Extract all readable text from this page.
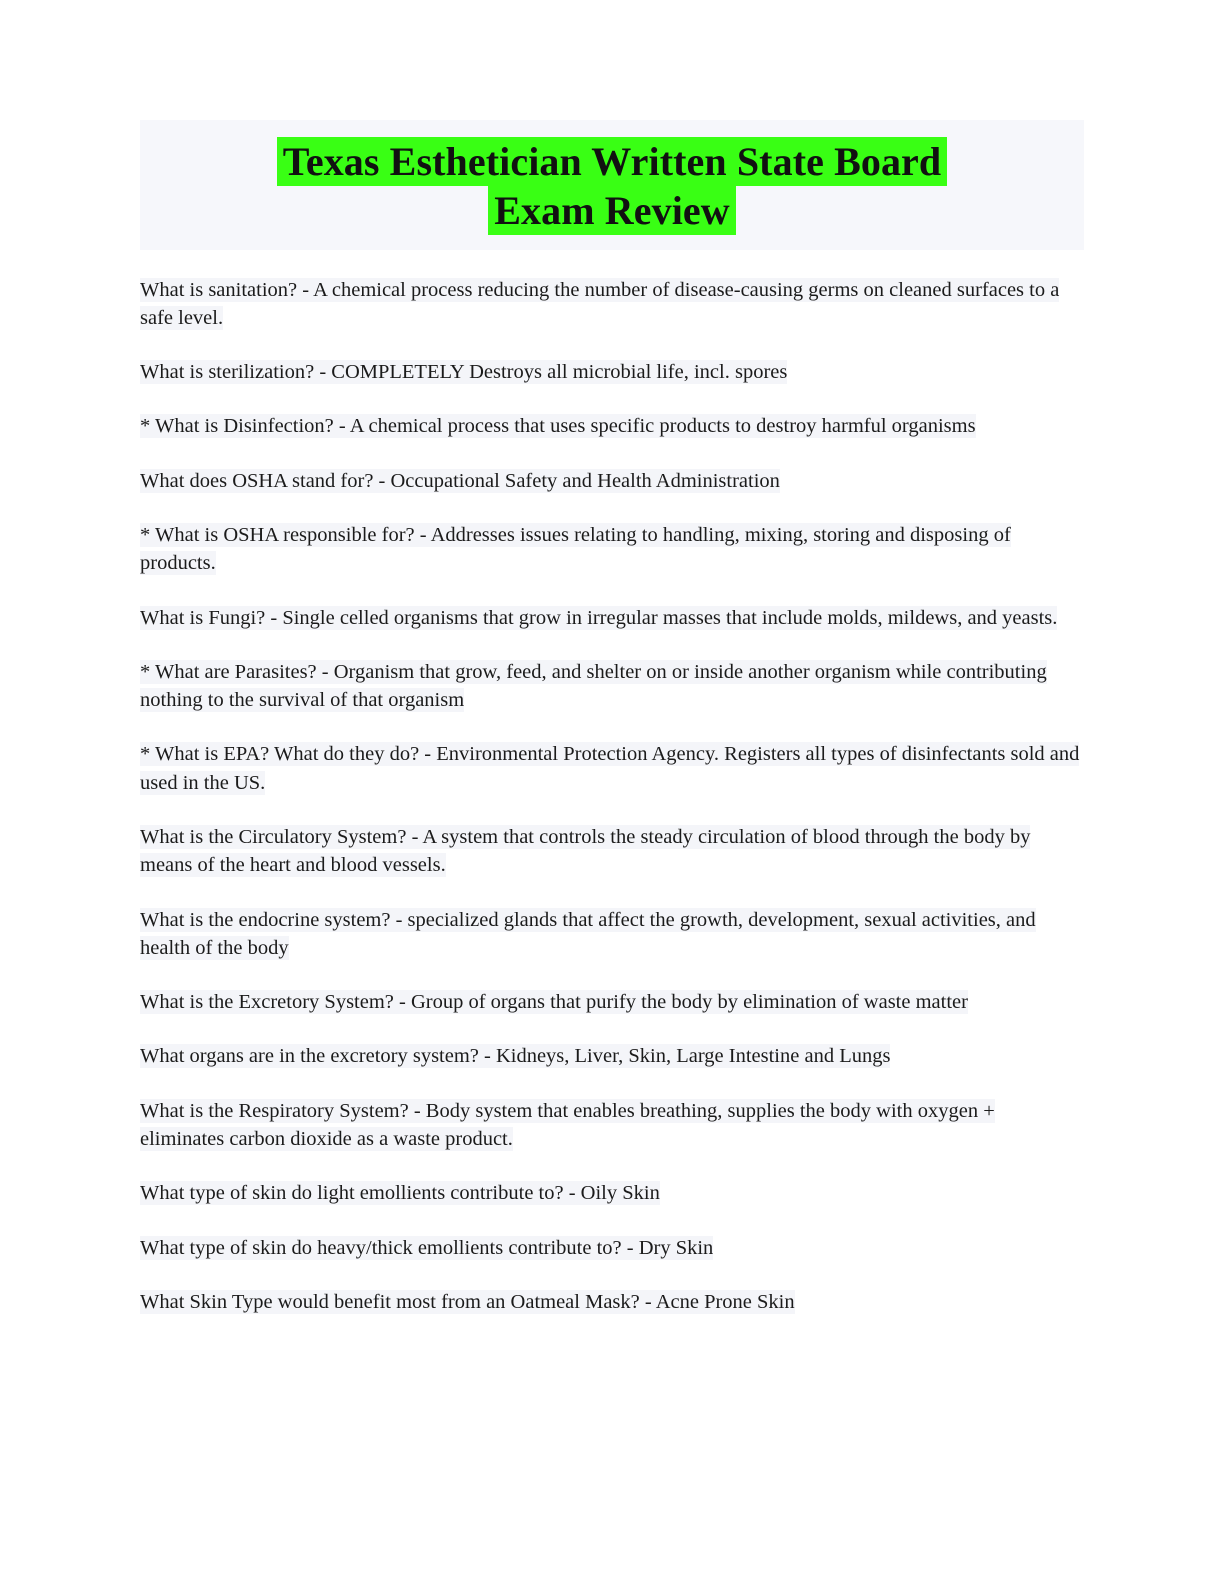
Texas Esthetician Written State Board
Exam Review

What is sanitation? - A chemical process reducing the number of disease-causing germs on cleaned surfaces to a safe level.

What is sterilization? - COMPLETELY Destroys all microbial life, incl. spores

* What is Disinfection? - A chemical process that uses specific products to destroy harmful organisms

What does OSHA stand for? - Occupational Safety and Health Administration

* What is OSHA responsible for? - Addresses issues relating to handling, mixing, storing and disposing of products.

What is Fungi? - Single celled organisms that grow in irregular masses that include molds, mildews, and yeasts.

* What are Parasites? - Organism that grow, feed, and shelter on or inside another organism while contributing nothing to the survival of that organism

* What is EPA? What do they do? - Environmental Protection Agency. Registers all types of disinfectants sold and used in the US.

What is the Circulatory System? - A system that controls the steady circulation of blood through the body by means of the heart and blood vessels.

What is the endocrine system? - specialized glands that affect the growth, development, sexual activities, and health of the body

What is the Excretory System? - Group of organs that purify the body by elimination of waste matter

What organs are in the excretory system? - Kidneys, Liver, Skin, Large Intestine and Lungs

What is the Respiratory System? - Body system that enables breathing, supplies the body with oxygen + eliminates carbon dioxide as a waste product.

What type of skin do light emollients contribute to? - Oily Skin

What type of skin do heavy/thick emollients contribute to? - Dry Skin

What Skin Type would benefit most from an Oatmeal Mask? - Acne Prone Skin
